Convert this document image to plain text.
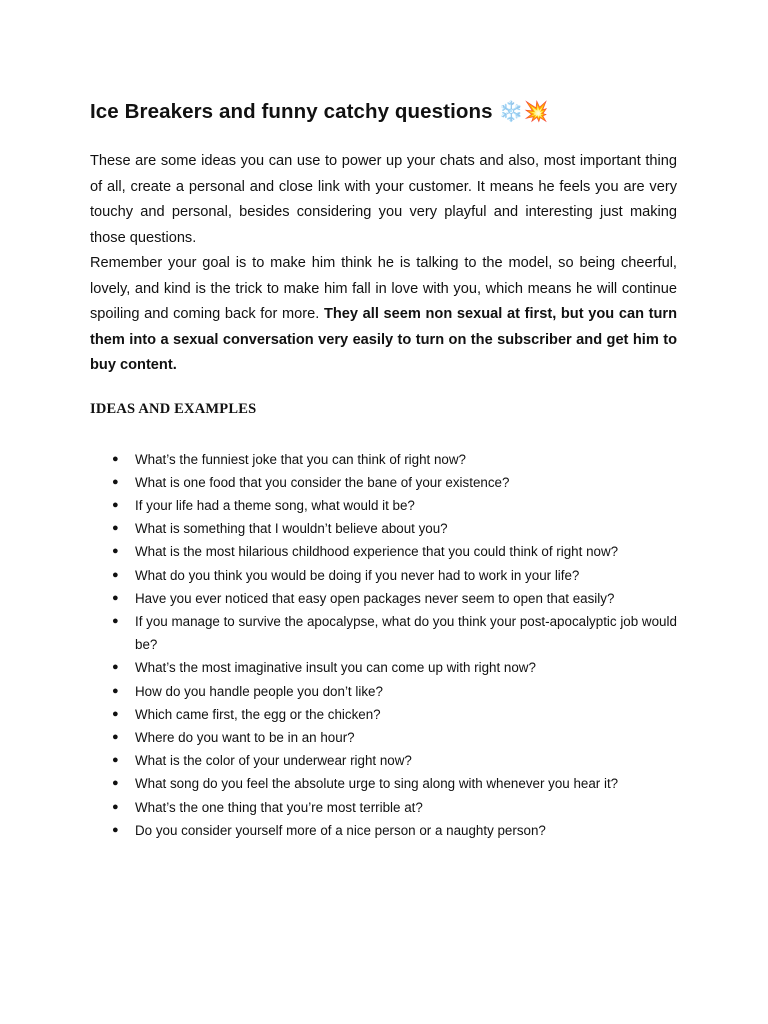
Ice Breakers and funny catchy questions ❄️💥

These are some ideas you can use to power up your chats and also, most important thing of all, create a personal and close link with your customer. It means he feels you are very touchy and personal, besides considering you very playful and interesting just making those questions.

Remember your goal is to make him think he is talking to the model, so being cheerful, lovely, and kind is the trick to make him fall in love with you, which means he will continue spoiling and coming back for more. They all seem non sexual at first, but you can turn them into a sexual conversation very easily to turn on the subscriber and get him to buy content.

IDEAS AND EXAMPLES
● What’s the funniest joke that you can think of right now?
● What is one food that you consider the bane of your existence?
● If your life had a theme song, what would it be?
● What is something that I wouldn’t believe about you?
● What is the most hilarious childhood experience that you could think of right now?
● What do you think you would be doing if you never had to work in your life?
● Have you ever noticed that easy open packages never seem to open that easily?
● If you manage to survive the apocalypse, what do you think your post-apocalyptic job would be?
● What’s the most imaginative insult you can come up with right now?
● How do you handle people you don’t like?
● Which came first, the egg or the chicken?
● Where do you want to be in an hour?
● What is the color of your underwear right now?
● What song do you feel the absolute urge to sing along with whenever you hear it?
● What’s the one thing that you’re most terrible at?
● Do you consider yourself more of a nice person or a naughty person?
